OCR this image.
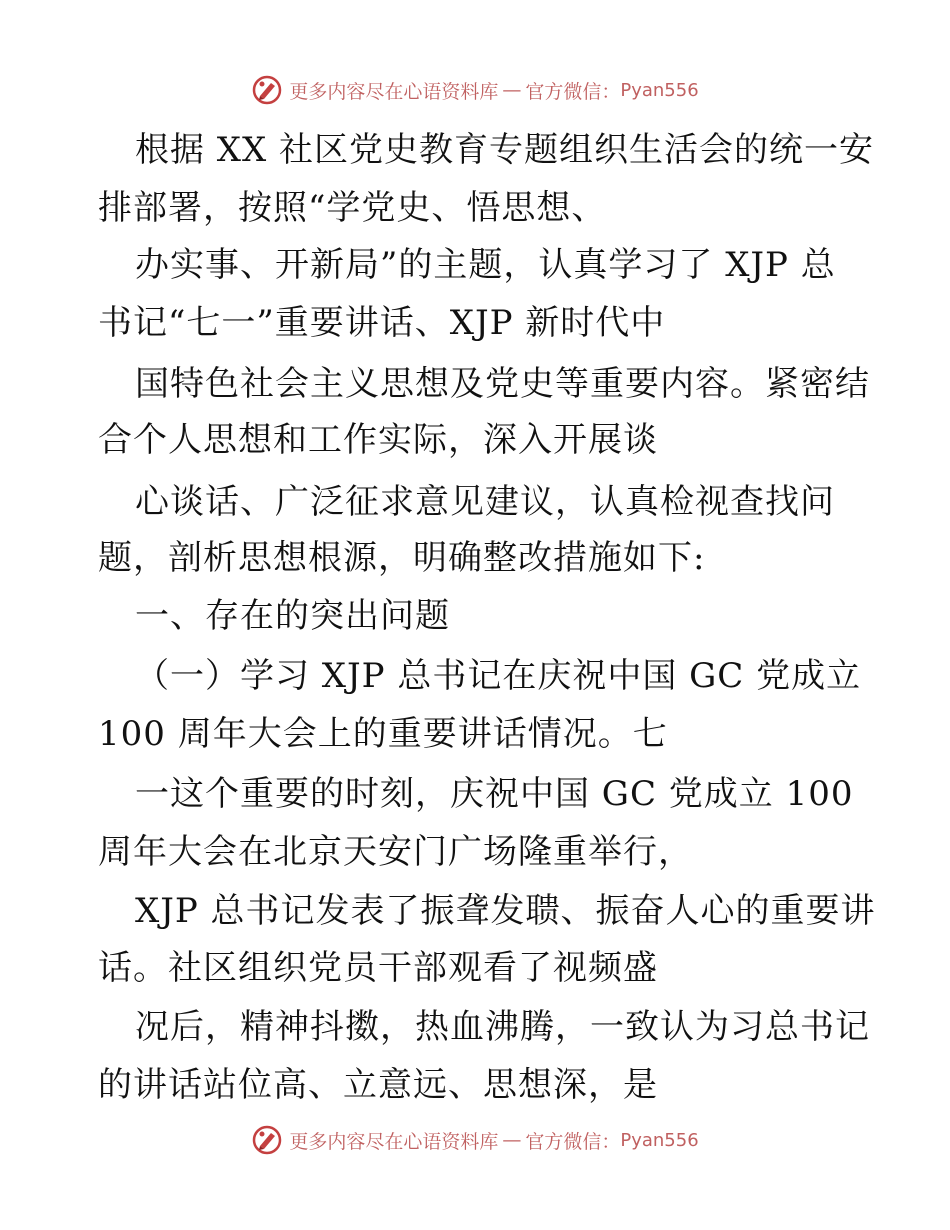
更多内容尽在心语资料库 — 官方微信： Pyan556
根据 XX 社区党史教育专题组织生活会的统一安
排部署，按照“学党史、悟思想、
办实事、开新局”的主题，认真学习了 XJP 总
书记“七一”重要讲话、XJP 新时代中
国特色社会主义思想及党史等重要内容。紧密结
合个人思想和工作实际，深入开展谈
心谈话、广泛征求意见建议，认真检视查找问
题，剖析思想根源，明确整改措施如下:
一、存在的突出问题
（一）学习 XJP 总书记在庆祝中国 GC 党成立
100 周年大会上的重要讲话情况。七
一这个重要的时刻，庆祝中国 GC 党成立 100
周年大会在北京天安门广场隆重举行，
XJP 总书记发表了振聋发聩、振奋人心的重要讲
话。社区组织党员干部观看了视频盛
况后，精神抖擞，热血沸腾，一致认为习总书记
的讲话站位高、立意远、思想深，是
更多内容尽在心语资料库 — 官方微信： Pyan556
